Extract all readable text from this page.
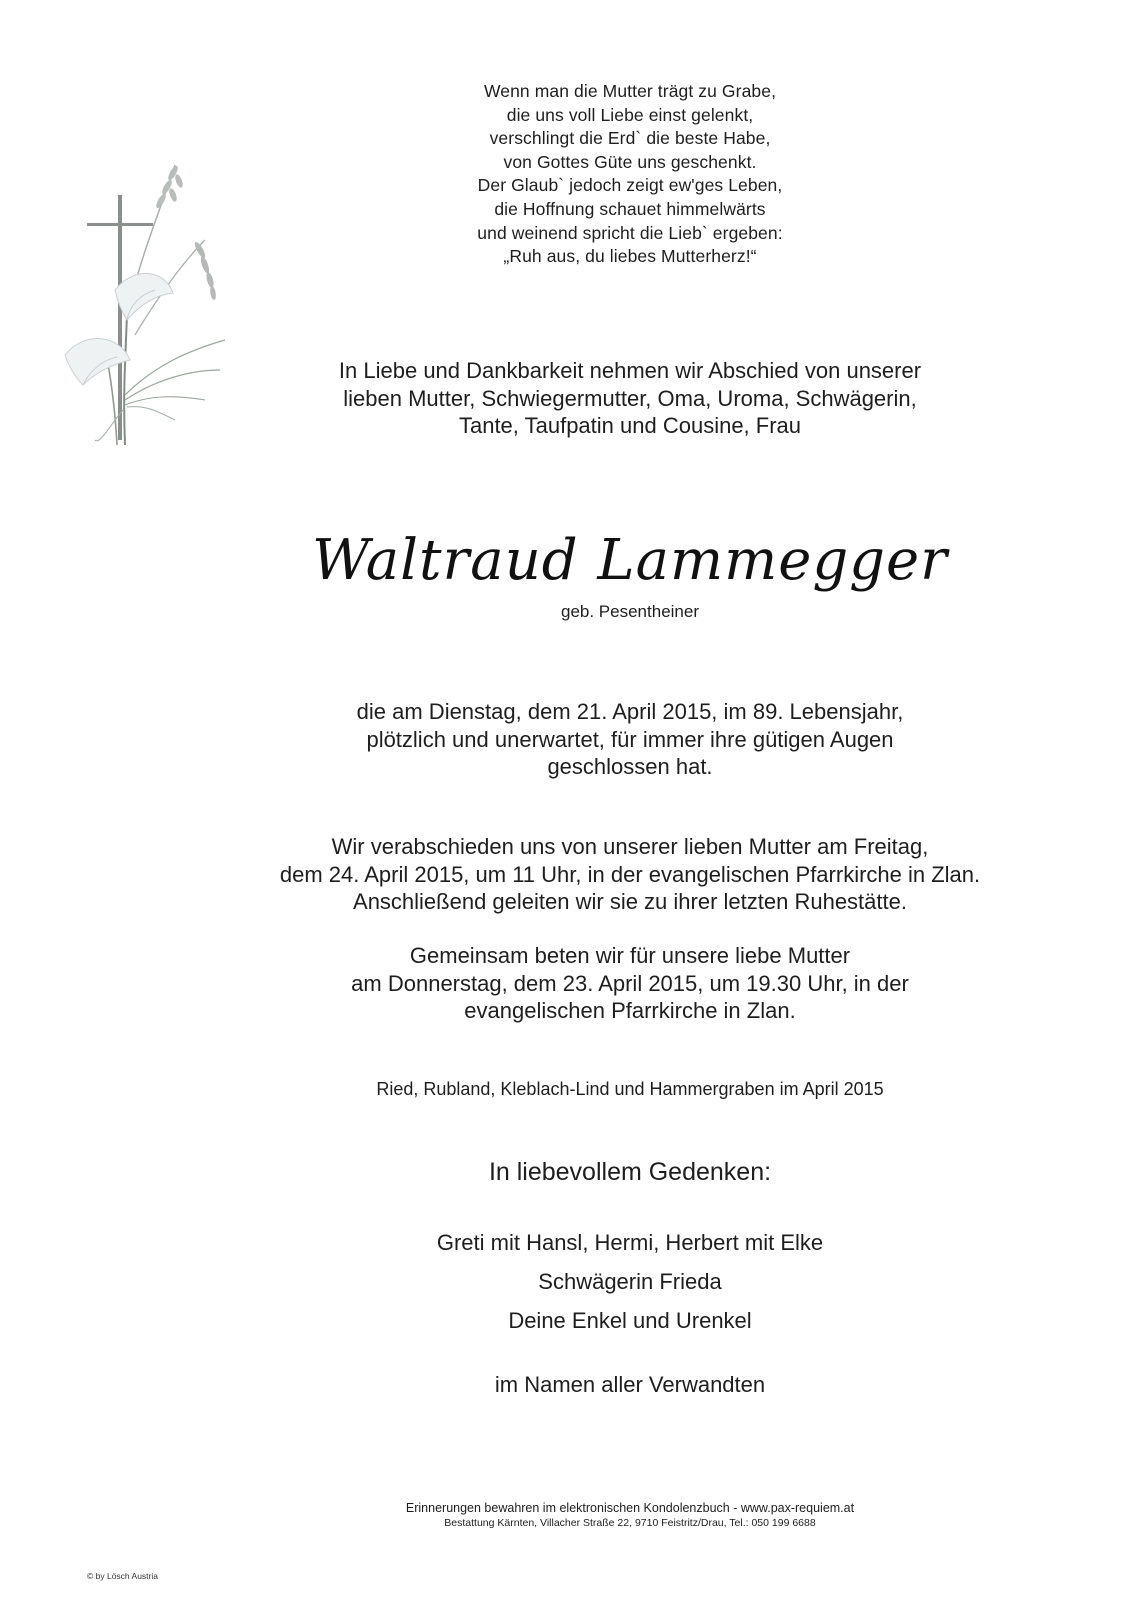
Wenn man die Mutter trägt zu Grabe,
die uns voll Liebe einst gelenkt,
verschlingt die Erd` die beste Habe,
von Gottes Güte uns geschenkt.
Der Glaub` jedoch zeigt ew'ges Leben,
die Hoffnung schauet himmelwärts
und weinend spricht die Lieb` ergeben:
„Ruh aus, du liebes Mutterherz!“
In Liebe und Dankbarkeit nehmen wir Abschied von unserer
lieben Mutter, Schwiegermutter, Oma, Uroma, Schwägerin,
Tante, Taufpatin und Cousine, Frau
Waltraud Lammegger
geb. Pesentheiner
die am Dienstag, dem 21. April 2015, im 89. Lebensjahr,
plötzlich und unerwartet, für immer ihre gütigen Augen
geschlossen hat.
Wir verabschieden uns von unserer lieben Mutter am Freitag,
dem 24. April 2015, um 11 Uhr, in der evangelischen Pfarrkirche in Zlan.
Anschließend geleiten wir sie zu ihrer letzten Ruhestätte.
Gemeinsam beten wir für unsere liebe Mutter
am Donnerstag, dem 23. April 2015, um 19.30 Uhr, in der
evangelischen Pfarrkirche in Zlan.
Ried, Rubland, Kleblach-Lind und Hammergraben im April 2015
In liebevollem Gedenken:
Greti mit Hansl, Hermi, Herbert mit Elke
Schwägerin Frieda
Deine Enkel und Urenkel
im Namen aller Verwandten
Erinnerungen bewahren im elektronischen Kondolenzbuch - www.pax-requiem.at
Bestattung Kärnten, Villacher Straße 22, 9710 Feistritz/Drau, Tel.: 050 199 6688
© by Lösch Austria
